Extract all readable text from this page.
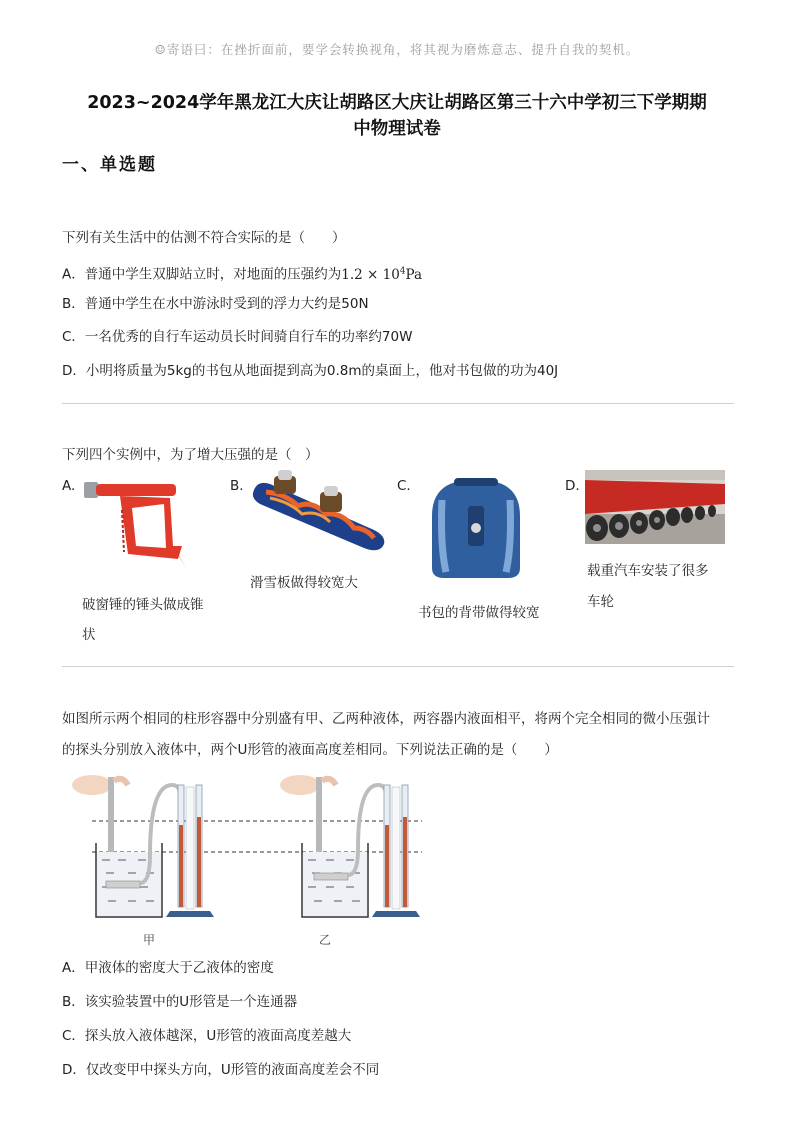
☺寄语曰：在挫折面前，要学会转换视角，将其视为磨炼意志、提升自我的契机。
2023~2024学年黑龙江大庆让胡路区大庆让胡路区第三十六中学初三下学期期
中物理试卷
一、单选题
下列有关生活中的估测不符合实际的是（　　）
A．普通中学生双脚站立时，对地面的压强约为$1.2 \times 10^4Pa$
B．普通中学生在水中游泳时受到的浮力大约是50N
C．一名优秀的自行车运动员长时间骑自行车的功率约70W
D．小明将质量为5kg的书包从地面提到高为0.8m的桌面上，他对书包做的功为40J
下列四个实例中，为了增大压强的是（　）
A.
破窗锤的锤头做成锥
状
B.
滑雪板做得较宽大
C.
书包的背带做得较宽
D.
载重汽车安装了很多
车轮
如图所示两个相同的柱形容器中分别盛有甲、乙两种液体，两容器内液面相平，将两个完全相同的微小压强计
的探头分别放入液体中，两个U形管的液面高度差相同。下列说法正确的是（　　）
甲	乙
A．甲液体的密度大于乙液体的密度
B．该实验装置中的U形管是一个连通器
C．探头放入液体越深，U形管的液面高度差越大
D．仅改变甲中探头方向，U形管的液面高度差会不同
